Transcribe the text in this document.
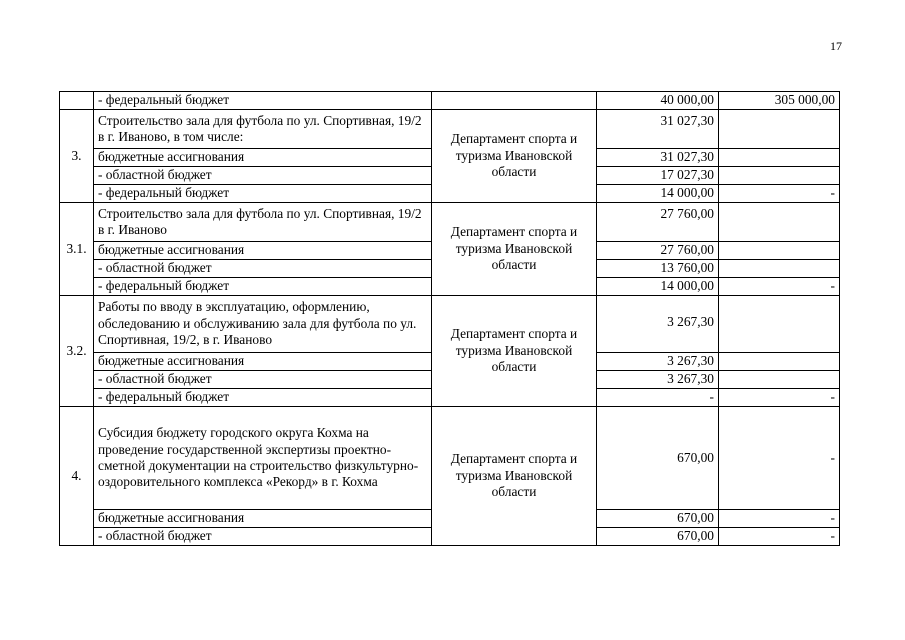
17
	- федеральный бюджет		40 000,00	305 000,00
3.	Строительство зала для футбола по ул. Спортивная, 19/2 в г. Иваново, в том числе:	Департамент спорта и туризма Ивановской области	31 027,30	
	бюджетные ассигнования		31 027,30	
	- областной бюджет		17 027,30	
	- федеральный бюджет		14 000,00	-
3.1.	Строительство зала для футбола по ул. Спортивная, 19/2 в г. Иваново	Департамент спорта и туризма Ивановской области	27 760,00	
	бюджетные ассигнования		27 760,00	
	- областной бюджет		13 760,00	
	- федеральный бюджет		14 000,00	-
3.2.	Работы по вводу в эксплуатацию, оформлению, обследованию и обслуживанию зала для футбола по ул. Спортивная, 19/2, в г. Иваново	Департамент спорта и туризма Ивановской области	3 267,30	
	бюджетные ассигнования		3 267,30	
	- областной бюджет		3 267,30	
	- федеральный бюджет		-	-
4.	Субсидия бюджету городского округа Кохма на проведение государственной экспертизы проектно-сметной документации на строительство физкультурно-оздоровительного комплекса «Рекорд» в г. Кохма	Департамент спорта и туризма Ивановской области	670,00	-
	бюджетные ассигнования		670,00	-
	- областной бюджет		670,00	-
